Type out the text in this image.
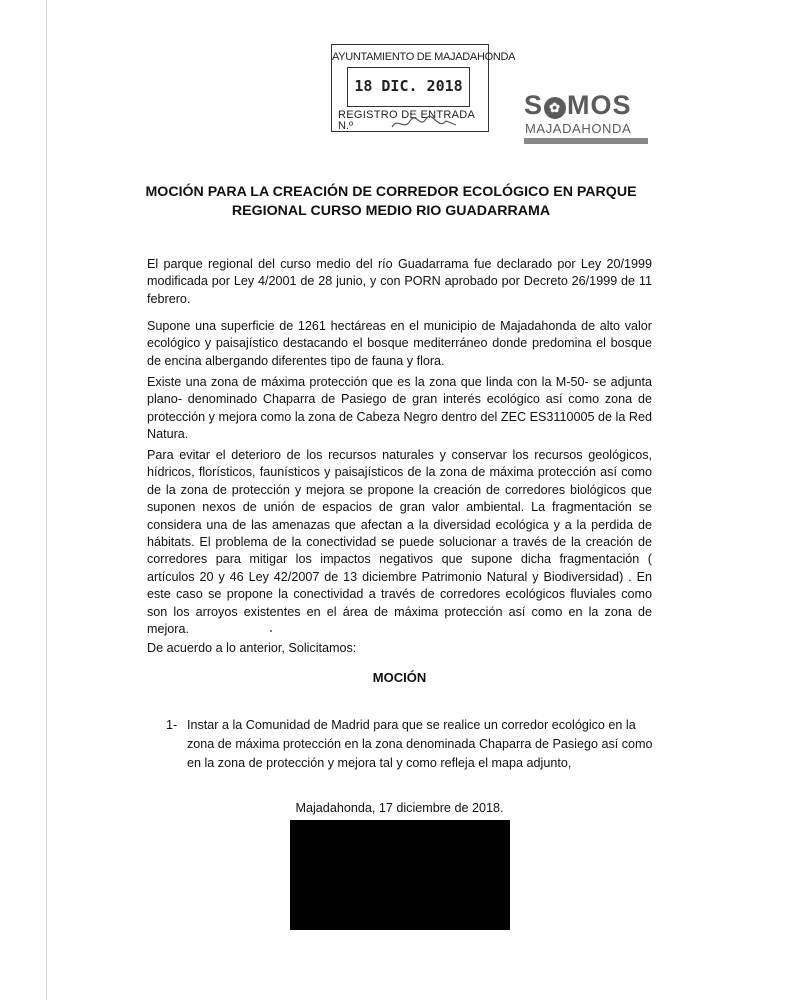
AYUNTAMIENTO DE MAJADAHONDA
18 DIC. 2018
REGISTRO DE ENTRADA
N.º
S ✿ MOS
MAJADAHONDA
MOCIÓN PARA LA CREACIÓN DE CORREDOR ECOLÓGICO EN PARQUE REGIONAL CURSO MEDIO RIO GUADARRAMA

El parque regional del curso medio del río Guadarrama fue declarado por Ley 20/1999 modificada por Ley 4/2001 de 28 junio, y con PORN aprobado por Decreto 26/1999 de 11 febrero.

Supone una superficie de 1261 hectáreas en el municipio de Majadahonda de alto valor ecológico y paisajístico destacando el bosque mediterráneo donde predomina el bosque de encina albergando diferentes tipo de fauna y flora.

Existe una zona de máxima protección que es la zona que linda con la M-50- se adjunta plano- denominado Chaparra de Pasiego de gran interés ecológico así como zona de protección y mejora como la zona de Cabeza Negro dentro del ZEC ES3110005 de la Red Natura.

Para evitar el deterioro de los recursos naturales y conservar los recursos geológicos, hídricos, florísticos, faunísticos y paisajísticos de la zona de máxima protección así como de la zona de protección y mejora se propone la creación de corredores biológicos que suponen nexos de unión de espacios de gran valor ambiental. La fragmentación se considera una de las amenazas que afectan a la diversidad ecológica y a la perdida de hábitats. El problema de la conectividad se puede solucionar a través de la creación de corredores para mitigar los impactos negativos que supone dicha fragmentación ( artículos 20 y 46 Ley 42/2007 de 13 diciembre Patrimonio Natural y Biodiversidad) . En este caso se propone la conectividad a través de corredores ecológicos fluviales como son los arroyos existentes en el área de máxima protección así como en la zona de mejora.

De acuerdo a lo anterior, Solicitamos:
MOCIÓN
1- Instar a la Comunidad de Madrid para que se realice un corredor ecológico en la zona de máxima protección en la zona denominada Chaparra de Pasiego así como en la zona de protección y mejora tal y como refleja el mapa adjunto,
Majadahonda, 17 diciembre de 2018.
